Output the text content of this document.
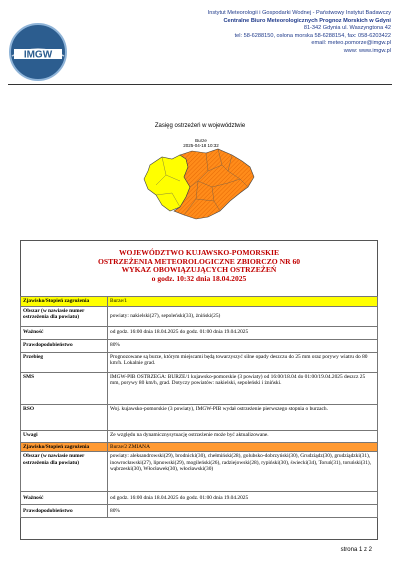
IMGW
Instytut Meteorologii i Gospodarki Wodnej - Państwowy Instytut Badawczy
Centralne Biuro Meteorologicznych Prognoz Morskich w Gdyni
81-342 Gdynia ul. Waszyngtona 42
tel: 58-6288150, osłona morska 58-6288154, fax: 058-6203422
email: meteo.pomorze@imgw.pl
www: www.imgw.pl
Zasięg ostrzeżeń w województwie
Burze
2025-04-18 10:32
WOJEWÓDZTWO KUJAWSKO-POMORSKIE
OSTRZEŻENIA METEOROLOGICZNE ZBIORCZO NR 60
WYKAZ OBOWIĄZUJĄCYCH OSTRZEŻEŃ
o godz. 10:32 dnia 18.04.2025
Zjawisko/Stopień zagrożenia	Burze/1
Obszar (w nawiasie numer ostrzeżenia dla powiatu)	powiaty: nakielski(27), sepoleński(33), żniński(25)
Ważność	od godz. 16:00 dnia 18.04.2025 do godz. 01:00 dnia 19.04.2025
Prawdopodobieństwo	80%
Przebieg	Prognozowane są burze, którym miejscami będą towarzyszyć silne opady deszczu do 25 mm oraz porywy wiatru do 80 km/h. Lokalnie grad.
SMS	IMGW-PIB OSTRZEGA: BURZE/1 kujawsko-pomorskie (3 powiaty) od 16:00/18.04 do 01:00/19.04.2025 deszcz 25 mm, porywy 80 km/h, grad. Dotyczy powiatów: nakielski, sepoleński i żniński.
RSO	Woj. kujawsko-pomorskie (3 powiaty), IMGW-PIB wydał ostrzeżenie pierwszego stopnia o burzach.
Uwagi	Ze względu na dynamicznysytuację ostrzeżenie może być aktualizowane.
Zjawisko/Stopień zagrożenia	Burze/2 ZMIANA
Obszar (w nawiasie numer ostrzeżenia dla powiatu)	powiaty: aleksandrowski(29), brodnicki(30), chełmiński(28), golubsko-dobrzyński(30), Grudziądz(30), grudziądzki(31), inowrocławski(27), lipnowski(29), mogileński(26), radziejowski(28), rypiński(30), świecki(34), Toruń(31), toruński(31), wąbrzeski(30), Włocławek(30), włocławski(30)
Ważność	od godz. 16:00 dnia 18.04.2025 do godz. 01:00 dnia 19.04.2025
Prawdopodobieństwo	80%
strona 1 z 2
